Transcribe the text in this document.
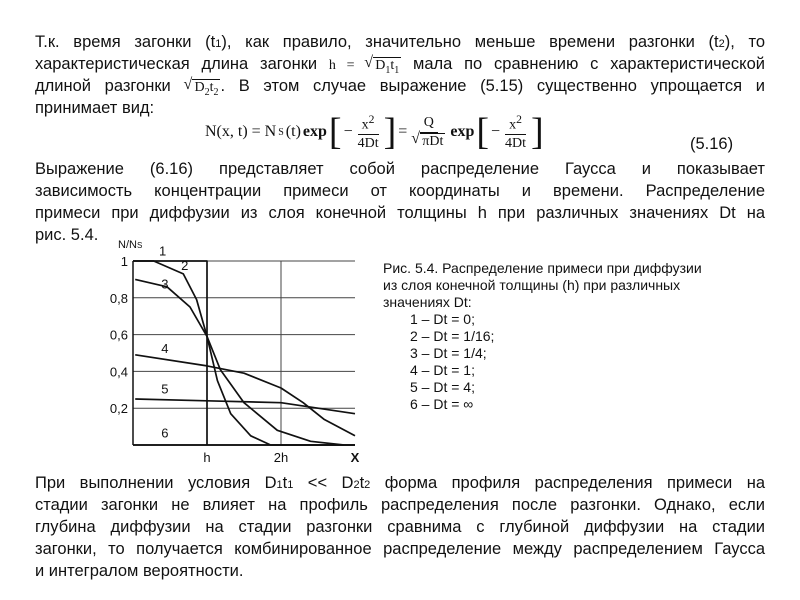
Т.к. время загонки (t1), как правило, значительно меньше времени разгонки (t2), то
характеристическая длина загонки h = √ $D_1t_1$ мала по сравнению с характеристической
длиной разгонки √ $D_2t_2$ . В этом случае выражение (5.15) существенно упрощается и
принимает вид:
N(x, t) = N S (t) exp [ − $\frac{x^2}{4Dt}$ ] = Q
√ πDt exp [ − $\frac{x^2}{4Dt}$ ]	(5.16)
Выражение (6.16) представляет собой распределение Гаусса и показывает
зависимость концентрации примеси от координаты и времени. Распределение
примеси при диффузии из слоя конечной толщины h при различных значениях Dt на
рис. 5.4.
1
2
3
4
5
6
1
0,8
0,6
0,4
0,2
h	2h	X
N/NS
Рис. 5.4. Распределение примеси при диффузии
из слоя конечной толщины (h) при различных
значениях Dt:
1 – Dt = 0;
2 – Dt = 1/16;
3 – Dt = 1/4;
4 – Dt = 1;
5 – Dt = 4;
6 – Dt = ∞
При выполнении условия D1t1 << D2t2 форма профиля распределения примеси на
стадии загонки не влияет на профиль распределения после разгонки. Однако, если
глубина диффузии на стадии разгонки сравнима с глубиной диффузии на стадии
загонки, то получается комбинированное распределение между распределением Гаусса
и интегралом вероятности.
